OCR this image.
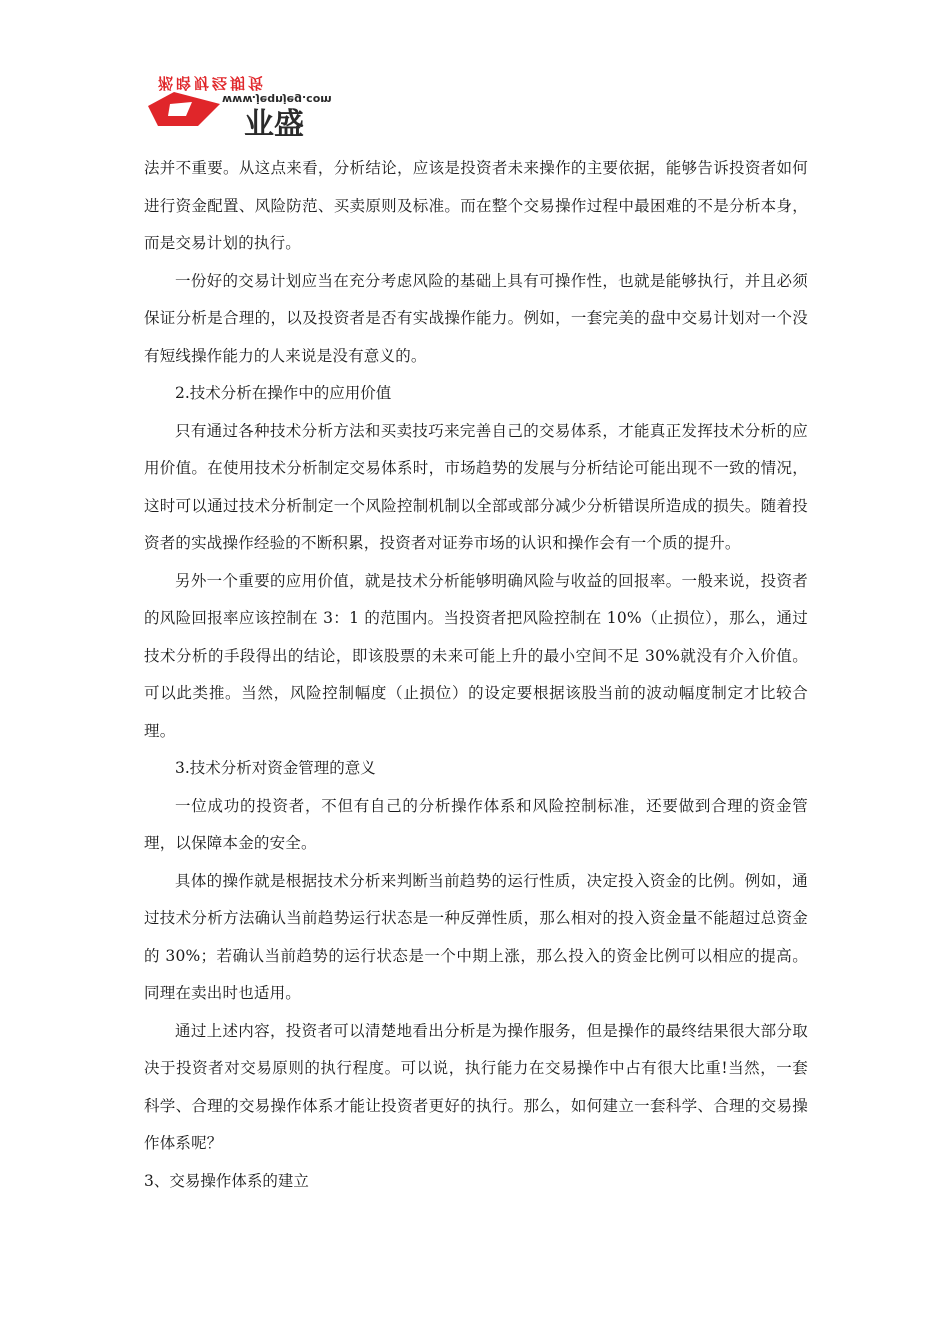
淞晗财经期货
www.jeqnjeg.com
业盛

法并不重要。从这点来看，分析结论，应该是投资者未来操作的主要依据，能够告诉投资者如何进行资金配置、风险防范、买卖原则及标准。而在整个交易操作过程中最困难的不是分析本身，而是交易计划的执行。

一份好的交易计划应当在充分考虑风险的基础上具有可操作性，也就是能够执行，并且必须保证分析是合理的，以及投资者是否有实战操作能力。例如，一套完美的盘中交易计划对一个没有短线操作能力的人来说是没有意义的。

2.技术分析在操作中的应用价值

只有通过各种技术分析方法和买卖技巧来完善自己的交易体系，才能真正发挥技术分析的应用价值。在使用技术分析制定交易体系时，市场趋势的发展与分析结论可能出现不一致的情况，这时可以通过技术分析制定一个风险控制机制以全部或部分减少分析错误所造成的损失。随着投资者的实战操作经验的不断积累，投资者对证券市场的认识和操作会有一个质的提升。

另外一个重要的应用价值，就是技术分析能够明确风险与收益的回报率。一般来说，投资者的风险回报率应该控制在 3：1 的范围内。当投资者把风险控制在 10%（止损位），那么，通过技术分析的手段得出的结论，即该股票的未来可能上升的最小空间不足 30%就没有介入价值。可以此类推。当然，风险控制幅度（止损位）的设定要根据该股当前的波动幅度制定才比较合理。

3.技术分析对资金管理的意义

一位成功的投资者，不但有自己的分析操作体系和风险控制标准，还要做到合理的资金管理，以保障本金的安全。

具体的操作就是根据技术分析来判断当前趋势的运行性质，决定投入资金的比例。例如，通过技术分析方法确认当前趋势运行状态是一种反弹性质，那么相对的投入资金量不能超过总资金的 30%；若确认当前趋势的运行状态是一个中期上涨，那么投入的资金比例可以相应的提高。同理在卖出时也适用。

通过上述内容，投资者可以清楚地看出分析是为操作服务，但是操作的最终结果很大部分取决于投资者对交易原则的执行程度。可以说，执行能力在交易操作中占有很大比重!当然，一套科学、合理的交易操作体系才能让投资者更好的执行。那么，如何建立一套科学、合理的交易操作体系呢？

3、交易操作体系的建立
